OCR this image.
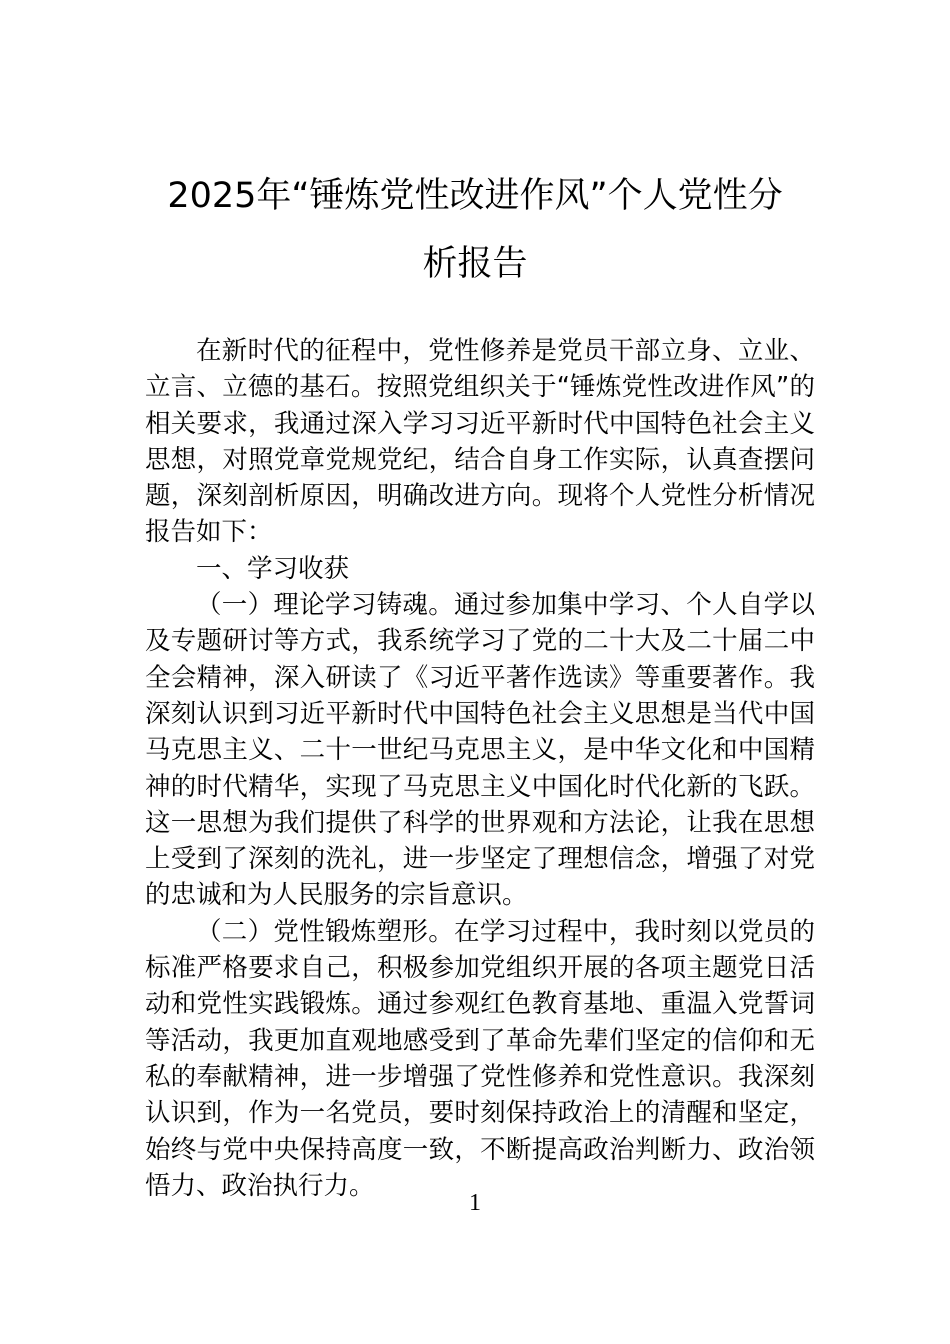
2025年“锤炼党性改进作风”个人党性分
析报告

在新时代的征程中，党性修养是党员干部立身、立业、立言、立德的基石。按照党组织关于“锤炼党性改进作风”的相关要求，我通过深入学习习近平新时代中国特色社会主义思想，对照党章党规党纪，结合自身工作实际，认真查摆问题，深刻剖析原因，明确改进方向。现将个人党性分析情况报告如下：

一、学习收获

（一）理论学习铸魂。通过参加集中学习、个人自学以及专题研讨等方式，我系统学习了党的二十大及二十届二中全会精神，深入研读了《习近平著作选读》等重要著作。我深刻认识到习近平新时代中国特色社会主义思想是当代中国马克思主义、二十一世纪马克思主义，是中华文化和中国精神的时代精华，实现了马克思主义中国化时代化新的飞跃。这一思想为我们提供了科学的世界观和方法论，让我在思想上受到了深刻的洗礼，进一步坚定了理想信念，增强了对党的忠诚和为人民服务的宗旨意识。

（二）党性锻炼塑形。在学习过程中，我时刻以党员的标准严格要求自己，积极参加党组织开展的各项主题党日活动和党性实践锻炼。通过参观红色教育基地、重温入党誓词等活动，我更加直观地感受到了革命先辈们坚定的信仰和无私的奉献精神，进一步增强了党性修养和党性意识。我深刻认识到，作为一名党员，要时刻保持政治上的清醒和坚定，始终与党中央保持高度一致，不断提高政治判断力、政治领悟力、政治执行力。

1
